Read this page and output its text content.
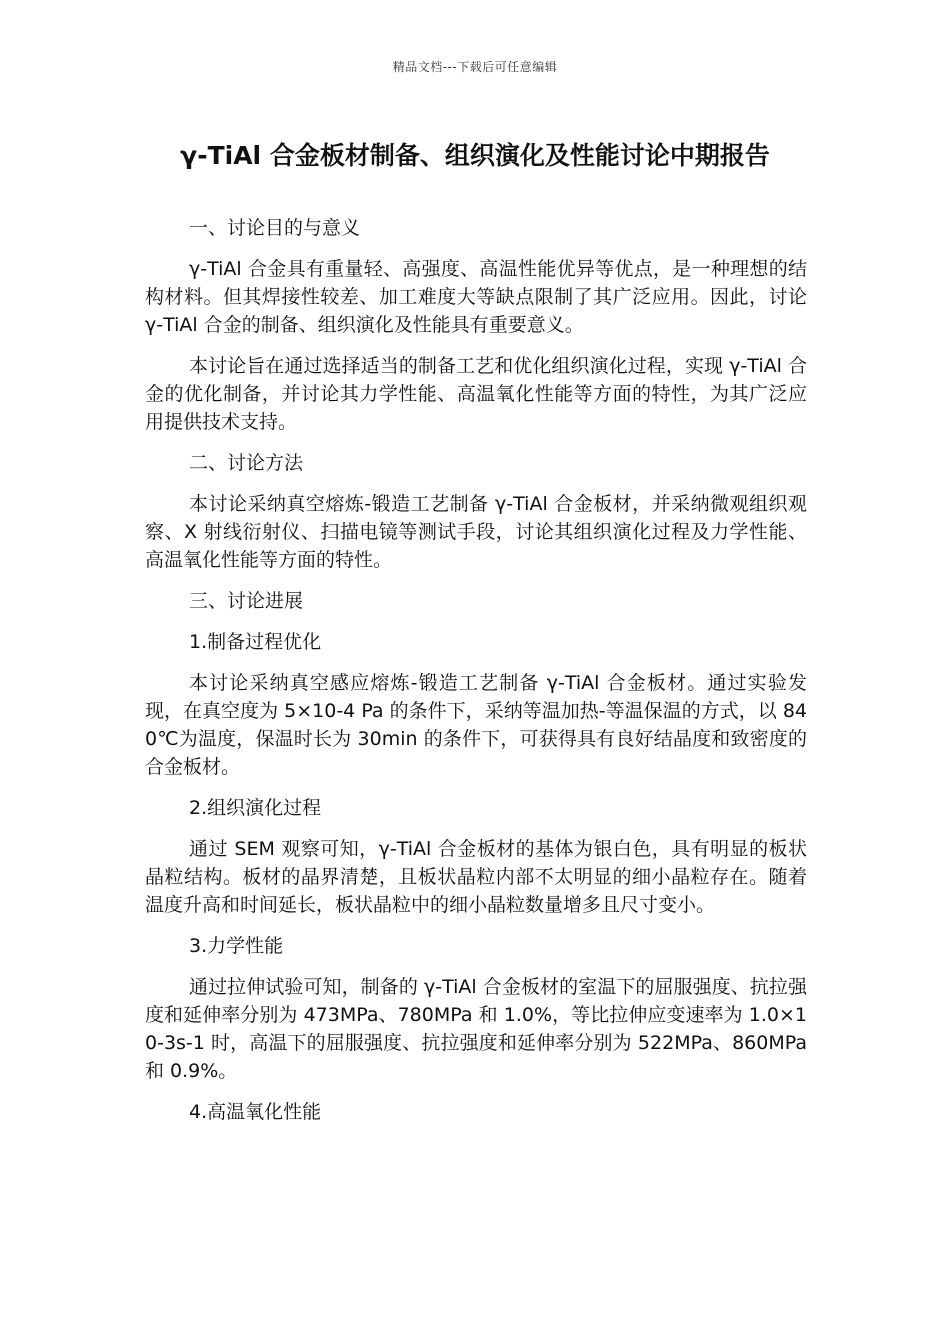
精品文档---下载后可任意编辑
γ-TiAl 合金板材制备、组织演化及性能讨论中期报告

一、讨论目的与意义

γ-TiAl 合金具有重量轻、高强度、高温性能优异等优点，是一种理想的结构材料。但其焊接性较差、加工难度大等缺点限制了其广泛应用。因此，讨论 γ-TiAl 合金的制备、组织演化及性能具有重要意义。

本讨论旨在通过选择适当的制备工艺和优化组织演化过程，实现 γ-TiAl 合金的优化制备，并讨论其力学性能、高温氧化性能等方面的特性，为其广泛应用提供技术支持。

二、讨论方法

本讨论采纳真空熔炼-锻造工艺制备 γ-TiAl 合金板材，并采纳微观组织观察、X 射线衍射仪、扫描电镜等测试手段，讨论其组织演化过程及力学性能、高温氧化性能等方面的特性。

三、讨论进展

1.制备过程优化

本讨论采纳真空感应熔炼-锻造工艺制备 γ-TiAl 合金板材。通过实验发现，在真空度为 5×10-4 Pa 的条件下，采纳等温加热-等温保温的方式，以 840℃为温度，保温时长为 30min 的条件下，可获得具有良好结晶度和致密度的合金板材。

2.组织演化过程

通过 SEM 观察可知，γ-TiAl 合金板材的基体为银白色，具有明显的板状晶粒结构。板材的晶界清楚，且板状晶粒内部不太明显的细小晶粒存在。随着温度升高和时间延长，板状晶粒中的细小晶粒数量增多且尺寸变小。

3.力学性能

通过拉伸试验可知，制备的 γ-TiAl 合金板材的室温下的屈服强度、抗拉强度和延伸率分别为 473MPa、780MPa 和 1.0%，等比拉伸应变速率为 1.0×10-3s-1 时，高温下的屈服强度、抗拉强度和延伸率分别为 522MPa、860MPa 和 0.9%。

4.高温氧化性能
